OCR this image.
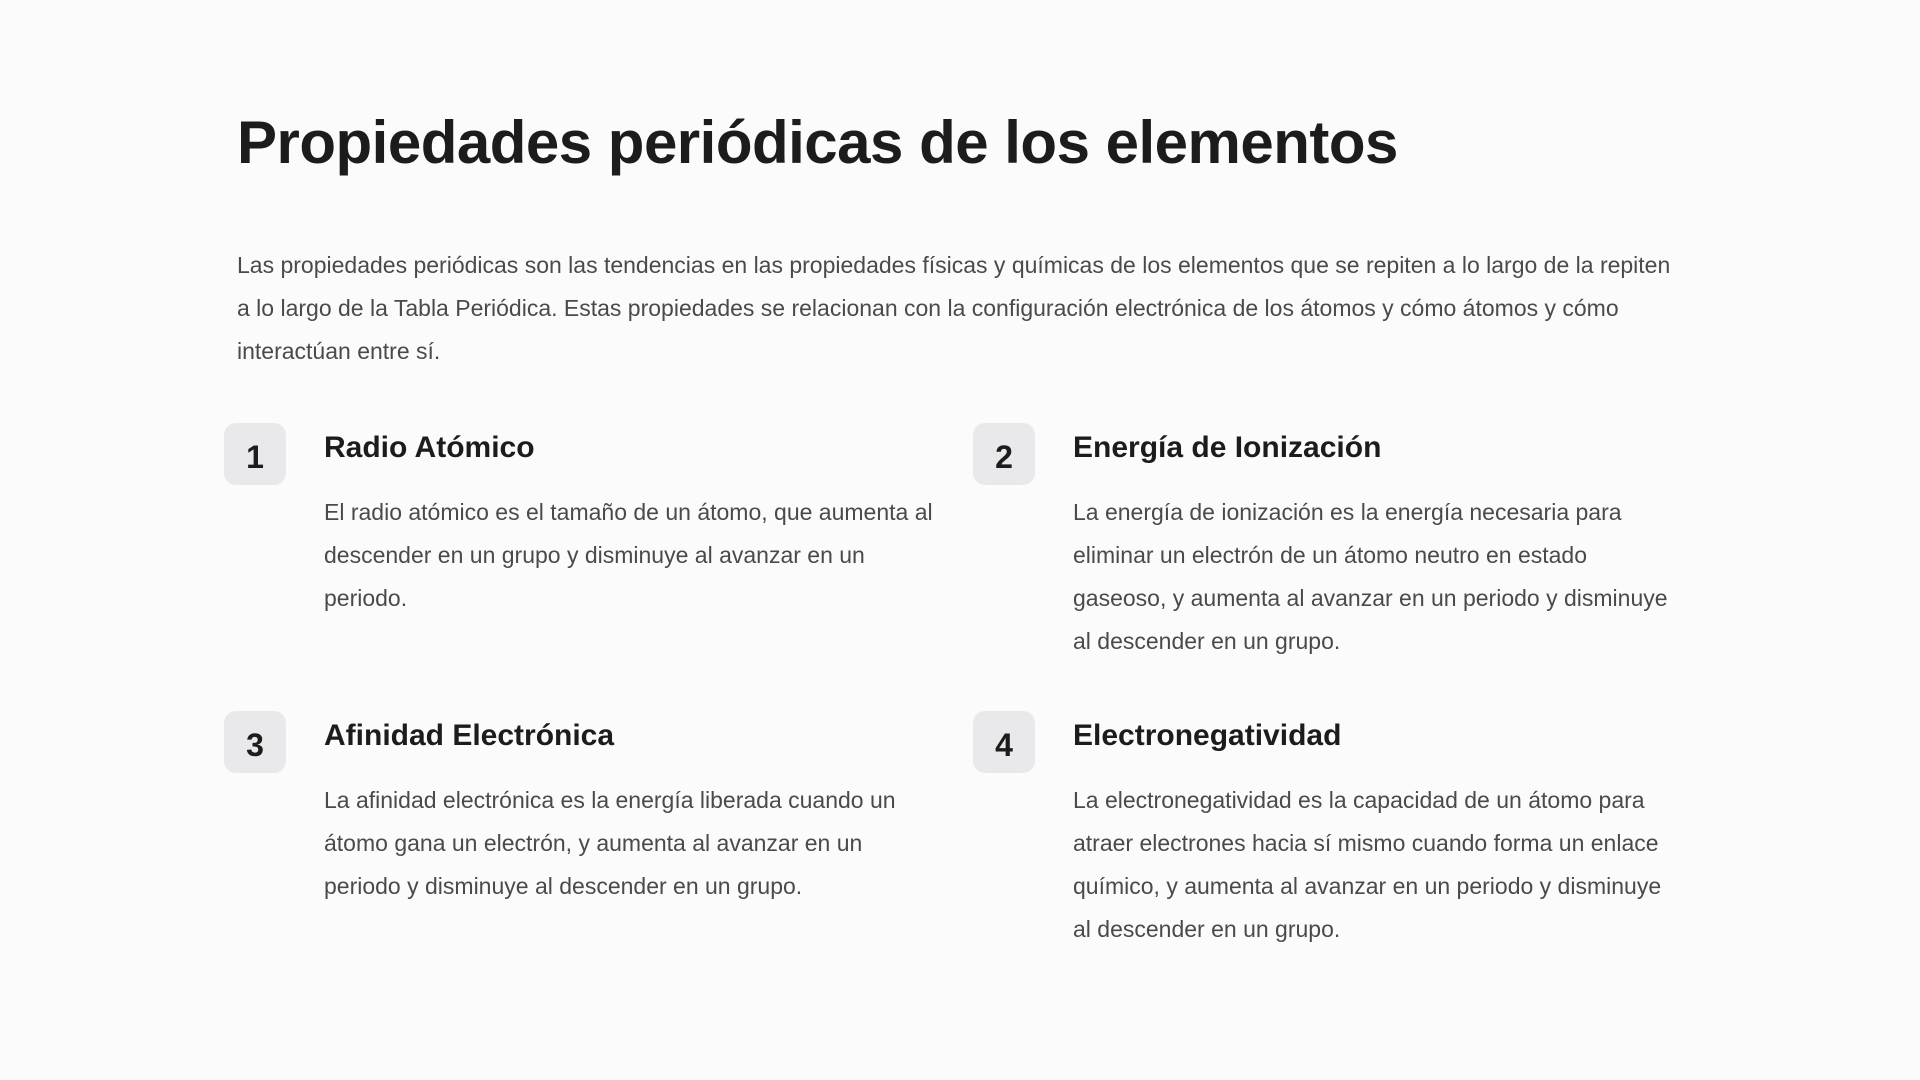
Propiedades periódicas de los elementos

Las propiedades periódicas son las tendencias en las propiedades físicas y químicas de los elementos que se repiten a lo largo de la repiten a lo largo de la Tabla Periódica. Estas propiedades se relacionan con la configuración electrónica de los átomos y cómo átomos y cómo interactúan entre sí.

1	Radio Atómico

El radio atómico es el tamaño de un átomo, que aumenta al descender en un grupo y disminuye al avanzar en un periodo.

2	Energía de Ionización

La energía de ionización es la energía necesaria para eliminar un electrón de un átomo neutro en estado gaseoso, y aumenta al avanzar en un periodo y disminuye al descender en un grupo.

3	Afinidad Electrónica

La afinidad electrónica es la energía liberada cuando un átomo gana un electrón, y aumenta al avanzar en un periodo y disminuye al descender en un grupo.

4	Electronegatividad

La electronegatividad es la capacidad de un átomo para atraer electrones hacia sí mismo cuando forma un enlace químico, y aumenta al avanzar en un periodo y disminuye al descender en un grupo.
